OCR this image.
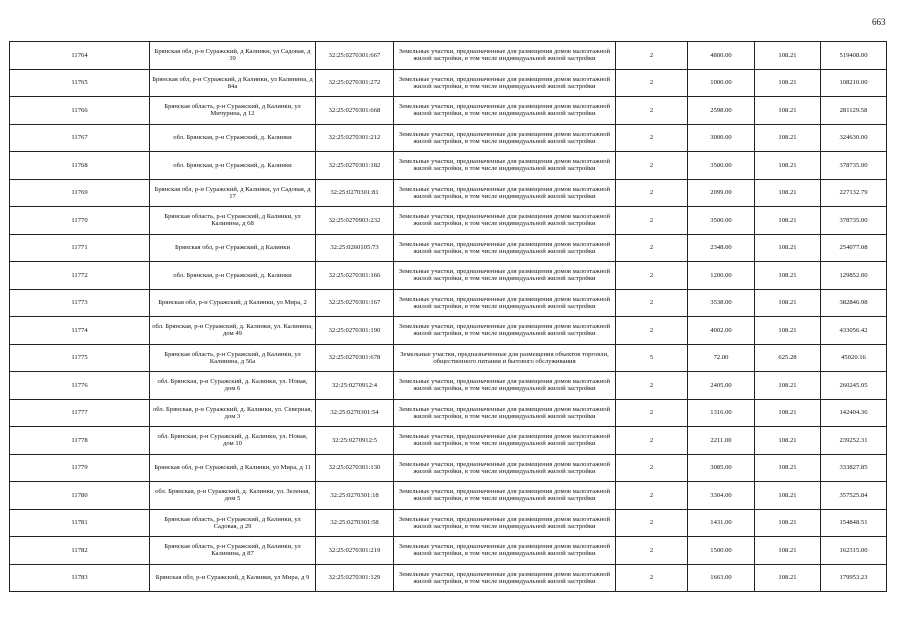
663
11764	Брянская обл, р-н Суражский, д Калинки, ул Садовая, д 39	32:25:0270301:667	Земельные участки, предназначенные для размещения домов малоэтажной жилой застройки, в том числе индивидуальной жилой застройки	2	4800.00	108.21	519408.00
11765	Брянская обл, р-н Суражский, д Калинки, ул Калинина, д 84а	32:25:0270301:272	Земельные участки, предназначенные для размещения домов малоэтажной жилой застройки, в том числе индивидуальной жилой застройки	2	1000.00	108.21	108210.00
11766	Брянская область, р-н Суражский, д Калинки, ул Мичурина, д 12	32:25:0270301:668	Земельные участки, предназначенные для размещения домов малоэтажной жилой застройки, в том числе индивидуальной жилой застройки	2	2598.00	108.21	281129.58
11767	обл. Брянская, р-н Суражский, д. Калинки	32:25:0270301:212	Земельные участки, предназначенные для размещения домов малоэтажной жилой застройки, в том числе индивидуальной жилой застройки	2	3000.00	108.21	324630.00
11768	обл. Брянская, р-н Суражский, д. Калинки	32:25:0270301:182	Земельные участки, предназначенные для размещения домов малоэтажной жилой застройки, в том числе индивидуальной жилой застройки	2	3500.00	108.21	378735.00
11769	Брянская обл, р-н Суражский, д Калинки, ул Садовая, д 17	32:25:0270301:81	Земельные участки, предназначенные для размещения домов малоэтажной жилой застройки, в том числе индивидуальной жилой застройки	2	2099.00	108.21	227132.79
11770	Брянская область, р-н Суражский, д Калинки, ул Калинина, д 68	32:25:0270903:232	Земельные участки, предназначенные для размещения домов малоэтажной жилой застройки, в том числе индивидуальной жилой застройки	2	3500.00	108.21	378735.00
11771	Брянская обл, р-н Суражский, д Калинки	32:25:0260105:73	Земельные участки, предназначенные для размещения домов малоэтажной жилой застройки, в том числе индивидуальной жилой застройки	2	2348.00	108.21	254077.08
11772	обл. Брянская, р-н Суражский, д. Калинки	32:25:0270301:166	Земельные участки, предназначенные для размещения домов малоэтажной жилой застройки, в том числе индивидуальной жилой застройки	2	1200.00	108.21	129852.00
11773	Брянская обл, р-н Суражский, д Калинки, ул Мира, 2	32:25:0270301:167	Земельные участки, предназначенные для размещения домов малоэтажной жилой застройки, в том числе индивидуальной жилой застройки	2	3538.00	108.21	382846.98
11774	обл. Брянская, р-н Суражский, д. Калинки, ул. Калинина, дом 49	32:25:0270301:190	Земельные участки, предназначенные для размещения домов малоэтажной жилой застройки, в том числе индивидуальной жилой застройки	2	4002.00	108.21	433056.42
11775	Брянская область, р-н Суражский, д Калинки, ул Калинина, д 56а	32:25:0270301:678	Земельные участки, предназначенные для размещения объектов торговли, общественного питания и бытового обслуживания	5	72.00	625.28	45020.16
11776	обл. Брянская, р-н Суражский, д. Калинки, ул. Новая, дом 6	32:25:0270912:4	Земельные участки, предназначенные для размещения домов малоэтажной жилой застройки, в том числе индивидуальной жилой застройки	2	2405.00	108.21	260245.05
11777	обл. Брянская, р-н Суражский, д. Калинки, ул. Северная, дом 3	32:25:0270301:54	Земельные участки, предназначенные для размещения домов малоэтажной жилой застройки, в том числе индивидуальной жилой застройки	2	1316.00	108.21	142404.36
11778	обл. Брянская, р-н Суражский, д. Калинки, ул. Новая, дом 10	32:25:0270912:5	Земельные участки, предназначенные для размещения домов малоэтажной жилой застройки, в том числе индивидуальной жилой застройки	2	2211.00	108.21	239252.31
11779	Брянская обл, р-н Суражский, д Калинки, ул Мира, д 11	32:25:0270301:130	Земельные участки, предназначенные для размещения домов малоэтажной жилой застройки, в том числе индивидуальной жилой застройки	2	3085.00	108.21	333827.85
11780	обл. Брянская, р-н Суражский, д. Калинки, ул. Зеленая, дом 5	32:25:0270301:18	Земельные участки, предназначенные для размещения домов малоэтажной жилой застройки, в том числе индивидуальной жилой застройки	2	3304.00	108.21	357525.84
11781	Брянская область, р-н Суражский, д Калинки, ул Садовая, д 29	32:25:0270301:58	Земельные участки, предназначенные для размещения домов малоэтажной жилой застройки, в том числе индивидуальной жилой застройки	2	1431.00	108.21	154848.51
11782	Брянская область, р-н Суражский, д Калинки, ул Калинина, д 87	32:25:0270301:219	Земельные участки, предназначенные для размещения домов малоэтажной жилой застройки, в том числе индивидуальной жилой застройки	2	1500.00	108.21	162315.00
11783	Брянская обл, р-н Суражский, д Калинки, ул Мира, д 9	32:25:0270301:129	Земельные участки, предназначенные для размещения домов малоэтажной жилой застройки, в том числе индивидуальной жилой застройки	2	1663.00	108.21	179953.23
